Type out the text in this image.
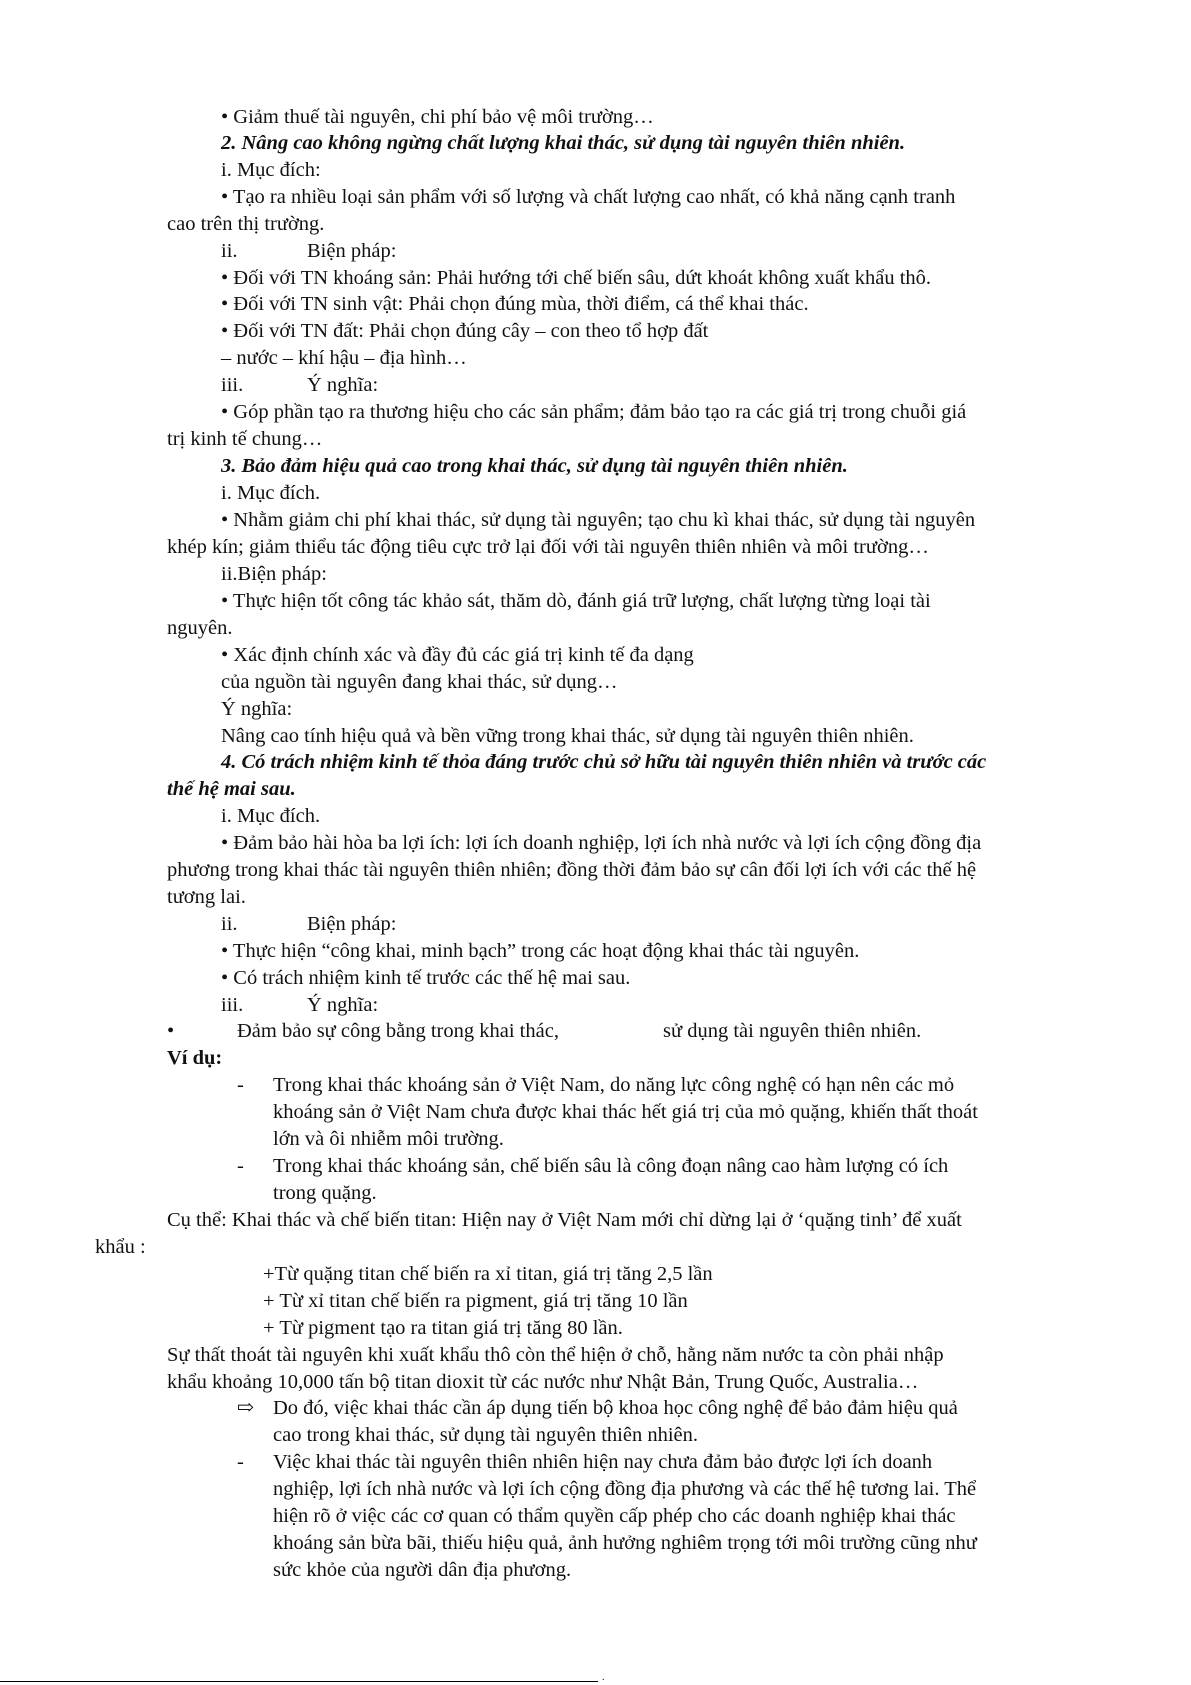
• Giảm thuế tài nguyên, chi phí bảo vệ môi trường…
2. Nâng cao không ngừng chất lượng khai thác, sử dụng tài nguyên thiên nhiên.
i. Mục đích:
• Tạo ra nhiều loại sản phẩm với số lượng và chất lượng cao nhất, có khả năng cạnh tranh
cao trên thị trường.
ii.	Biện pháp:
• Đối với TN khoáng sản: Phải hướng tới chế biến sâu, dứt khoát không xuất khẩu thô.
• Đối với TN sinh vật: Phải chọn đúng mùa, thời điểm, cá thể khai thác.
• Đối với TN đất: Phải chọn đúng cây – con theo tổ hợp đất
– nước – khí hậu – địa hình…
iii.	Ý nghĩa:
• Góp phần tạo ra thương hiệu cho các sản phẩm; đảm bảo tạo ra các giá trị trong chuỗi giá
trị kinh tế chung…
3. Bảo đảm hiệu quả cao trong khai thác, sử dụng tài nguyên thiên nhiên.
i. Mục đích.
• Nhằm giảm chi phí khai thác, sử dụng tài nguyên; tạo chu kì khai thác, sử dụng tài nguyên
khép kín; giảm thiểu tác động tiêu cực trở lại đối với tài nguyên thiên nhiên và môi trường…
ii.Biện pháp:
• Thực hiện tốt công tác khảo sát, thăm dò, đánh giá trữ lượng, chất lượng từng loại tài
nguyên.
• Xác định chính xác và đầy đủ các giá trị kinh tế đa dạng
của nguồn tài nguyên đang khai thác, sử dụng…
Ý nghĩa:
Nâng cao tính hiệu quả và bền vững trong khai thác, sử dụng tài nguyên thiên nhiên.
4. Có trách nhiệm kinh tế thỏa đáng trước chủ sở hữu tài nguyên thiên nhiên và trước các
thế hệ mai sau.
i. Mục đích.
• Đảm bảo hài hòa ba lợi ích: lợi ích doanh nghiệp, lợi ích nhà nước và lợi ích cộng đồng địa
phương trong khai thác tài nguyên thiên nhiên; đồng thời đảm bảo sự cân đối lợi ích với các thế hệ
tương lai.
ii.	Biện pháp:
• Thực hiện “công khai, minh bạch” trong các hoạt động khai thác tài nguyên.
• Có trách nhiệm kinh tế trước các thế hệ mai sau.
iii.	Ý nghĩa:
•	Đảm bảo sự công bằng trong khai thác,	sử dụng tài nguyên thiên nhiên.
Ví dụ:
- Trong khai thác khoáng sản ở Việt Nam, do năng lực công nghệ có hạn nên các mỏ
khoáng sản ở Việt Nam chưa được khai thác hết giá trị của mỏ quặng, khiến thất thoát
lớn và ôi nhiễm môi trường.
- Trong khai thác khoáng sản, chế biến sâu là công đoạn nâng cao hàm lượng có ích
trong quặng.
Cụ thể: Khai thác và chế biến titan: Hiện nay ở Việt Nam mới chỉ dừng lại ở ‘quặng tinh’ để xuất
khẩu :
+Từ quặng titan chế biến ra xỉ titan, giá trị tăng 2,5 lần
+ Từ xỉ titan chế biến ra pigment, giá trị tăng 10 lần
+ Từ pigment tạo ra titan giá trị tăng 80 lần.
Sự thất thoát tài nguyên khi xuất khẩu thô còn thể hiện ở chỗ, hằng năm nước ta còn phải nhập
khẩu khoảng 10,000 tấn bộ titan dioxit từ các nước như Nhật Bản, Trung Quốc, Australia…
⇨ Do đó, việc khai thác cần áp dụng tiến bộ khoa học công nghệ để bảo đảm hiệu quả
cao trong khai thác, sử dụng tài nguyên thiên nhiên.
- Việc khai thác tài nguyên thiên nhiên hiện nay chưa đảm bảo được lợi ích doanh
nghiệp, lợi ích nhà nước và lợi ích cộng đồng địa phương và các thế hệ tương lai. Thể
hiện rõ ở việc các cơ quan có thẩm quyền cấp phép cho các doanh nghiệp khai thác
khoáng sản bừa bãi, thiếu hiệu quả, ảnh hưởng nghiêm trọng tới môi trường cũng như
sức khỏe của người dân địa phương.
.
